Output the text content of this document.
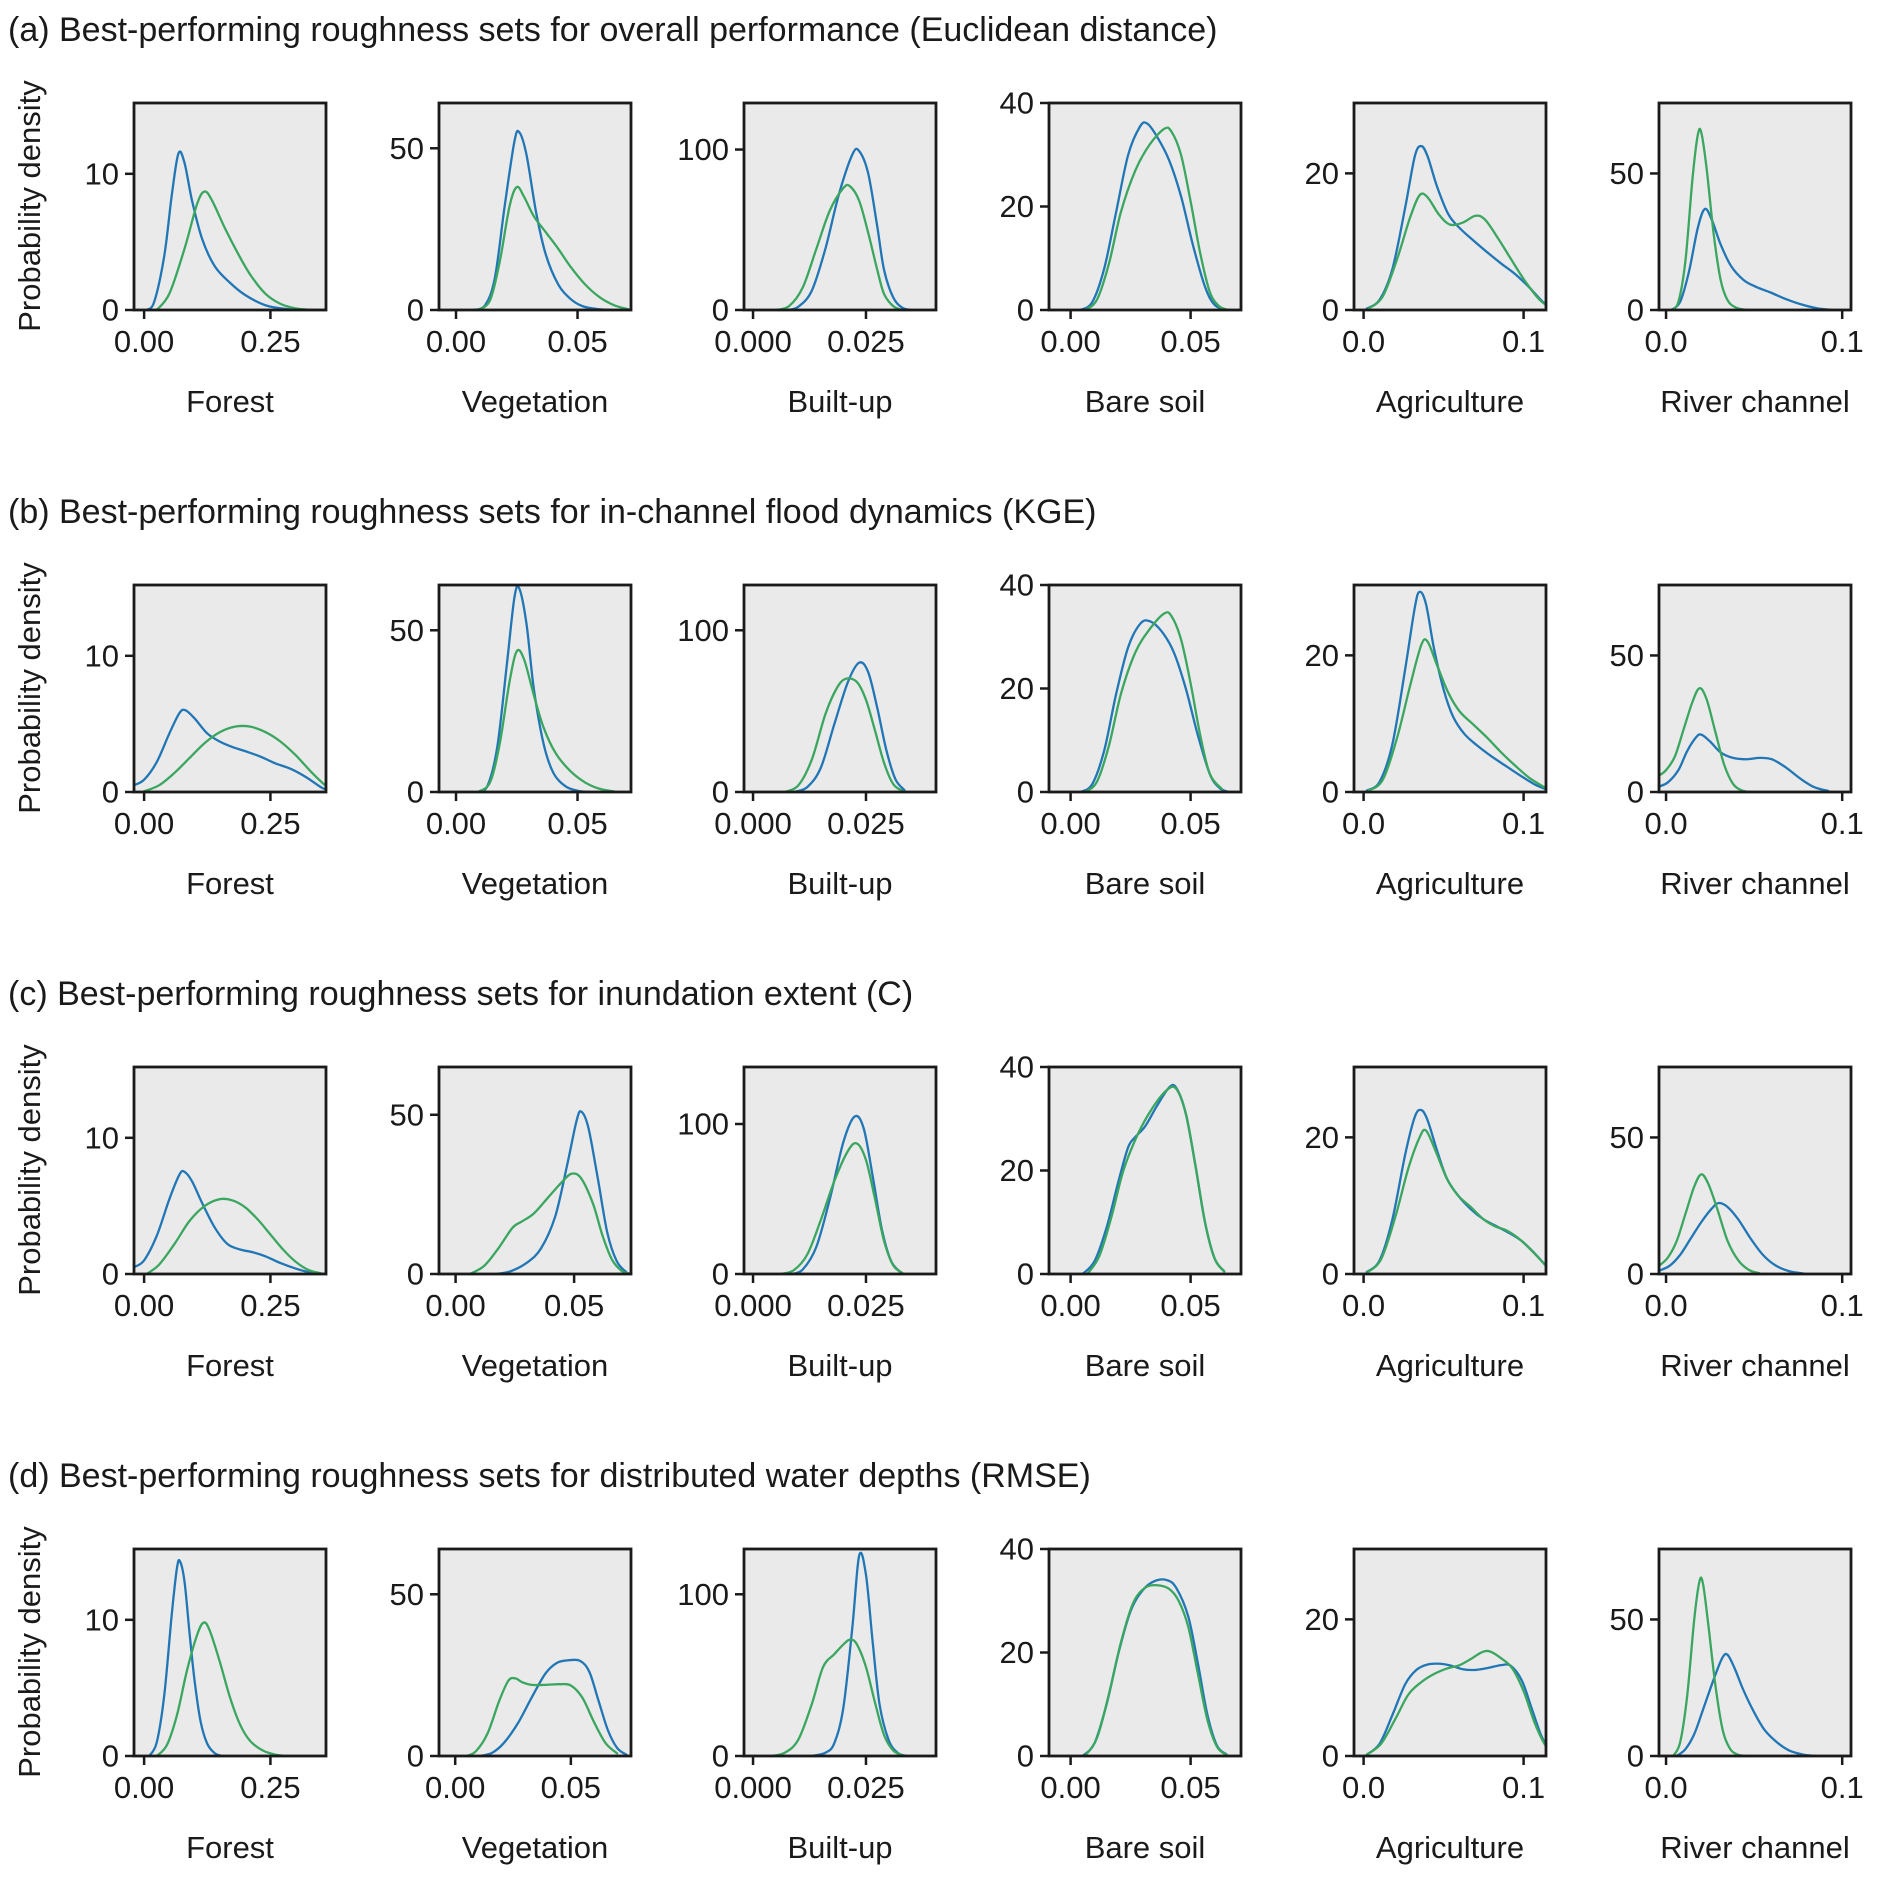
(a) Best-performing roughness sets for overall performance (Euclidean distance)
Probability density 0
10
0.00 0.25
Forest
0
50
0.00 0.05
Vegetation
0
100
0.000 0.025
Built-up
0
20
40
0.00 0.05
Bare soil
0
20
0.0	0.1
Agriculture
0
50
0.0	0.1
River channel
(b) Best-performing roughness sets for in-channel flood dynamics (KGE)
Probability density 0
10
0.00 0.25
Forest
0
50
0.00 0.05
Vegetation
0
100
0.000 0.025
Built-up
0
20
40
0.00 0.05
Bare soil
0
20
0.0	0.1
Agriculture
0
50
0.0	0.1
River channel
(c) Best-performing roughness sets for inundation extent (C)
Probability density 0
10
0.00 0.25
Forest
0
50
0.00 0.05
Vegetation
0
100
0.000 0.025
Built-up
0
20
40
0.00 0.05
Bare soil
0
20
0.0	0.1
Agriculture
0
50
0.0	0.1
River channel
(d) Best-performing roughness sets for distributed water depths (RMSE)
Probability density 0
10
0.00 0.25
Forest
0
50
0.00 0.05
Vegetation
0
100
0.000 0.025
Built-up
0
20
40
0.00 0.05
Bare soil
0
20
0.0	0.1
Agriculture
0
50
0.0	0.1
River channel
